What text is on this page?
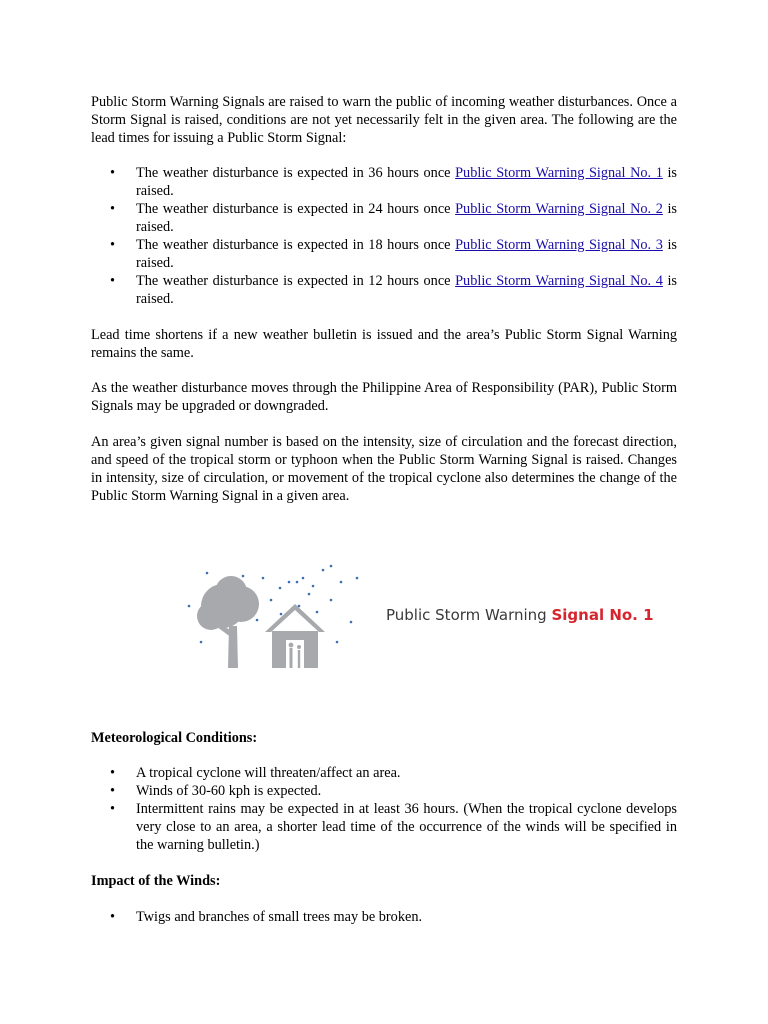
Public Storm Warning Signals are raised to warn the public of incoming weather disturbances. Once a Storm Signal is raised, conditions are not yet necessarily felt in the given area. The following are the lead times for issuing a Public Storm Signal:

• The weather disturbance is expected in 36 hours once Public Storm Warning Signal No. 1 is raised.
• The weather disturbance is expected in 24 hours once Public Storm Warning Signal No. 2 is raised.
• The weather disturbance is expected in 18 hours once Public Storm Warning Signal No. 3 is raised.
• The weather disturbance is expected in 12 hours once Public Storm Warning Signal No. 4 is raised.

Lead time shortens if a new weather bulletin is issued and the area’s Public Storm Signal Warning remains the same.

As the weather disturbance moves through the Philippine Area of Responsibility (PAR), Public Storm Signals may be upgraded or downgraded.

An area’s given signal number is based on the intensity, size of circulation and the forecast direction, and speed of the tropical storm or typhoon when the Public Storm Warning Signal is raised. Changes in intensity, size of circulation, or movement of the tropical cyclone also determines the change of the Public Storm Warning Signal in a given area.

Public Storm Warning Signal No. 1

Meteorological Conditions:

• A tropical cyclone will threaten/affect an area.
• Winds of 30-60 kph is expected.
• Intermittent rains may be expected in at least 36 hours. (When the tropical cyclone develops very close to an area, a shorter lead time of the occurrence of the winds will be specified in the warning bulletin.)

Impact of the Winds:

• Twigs and branches of small trees may be broken.
